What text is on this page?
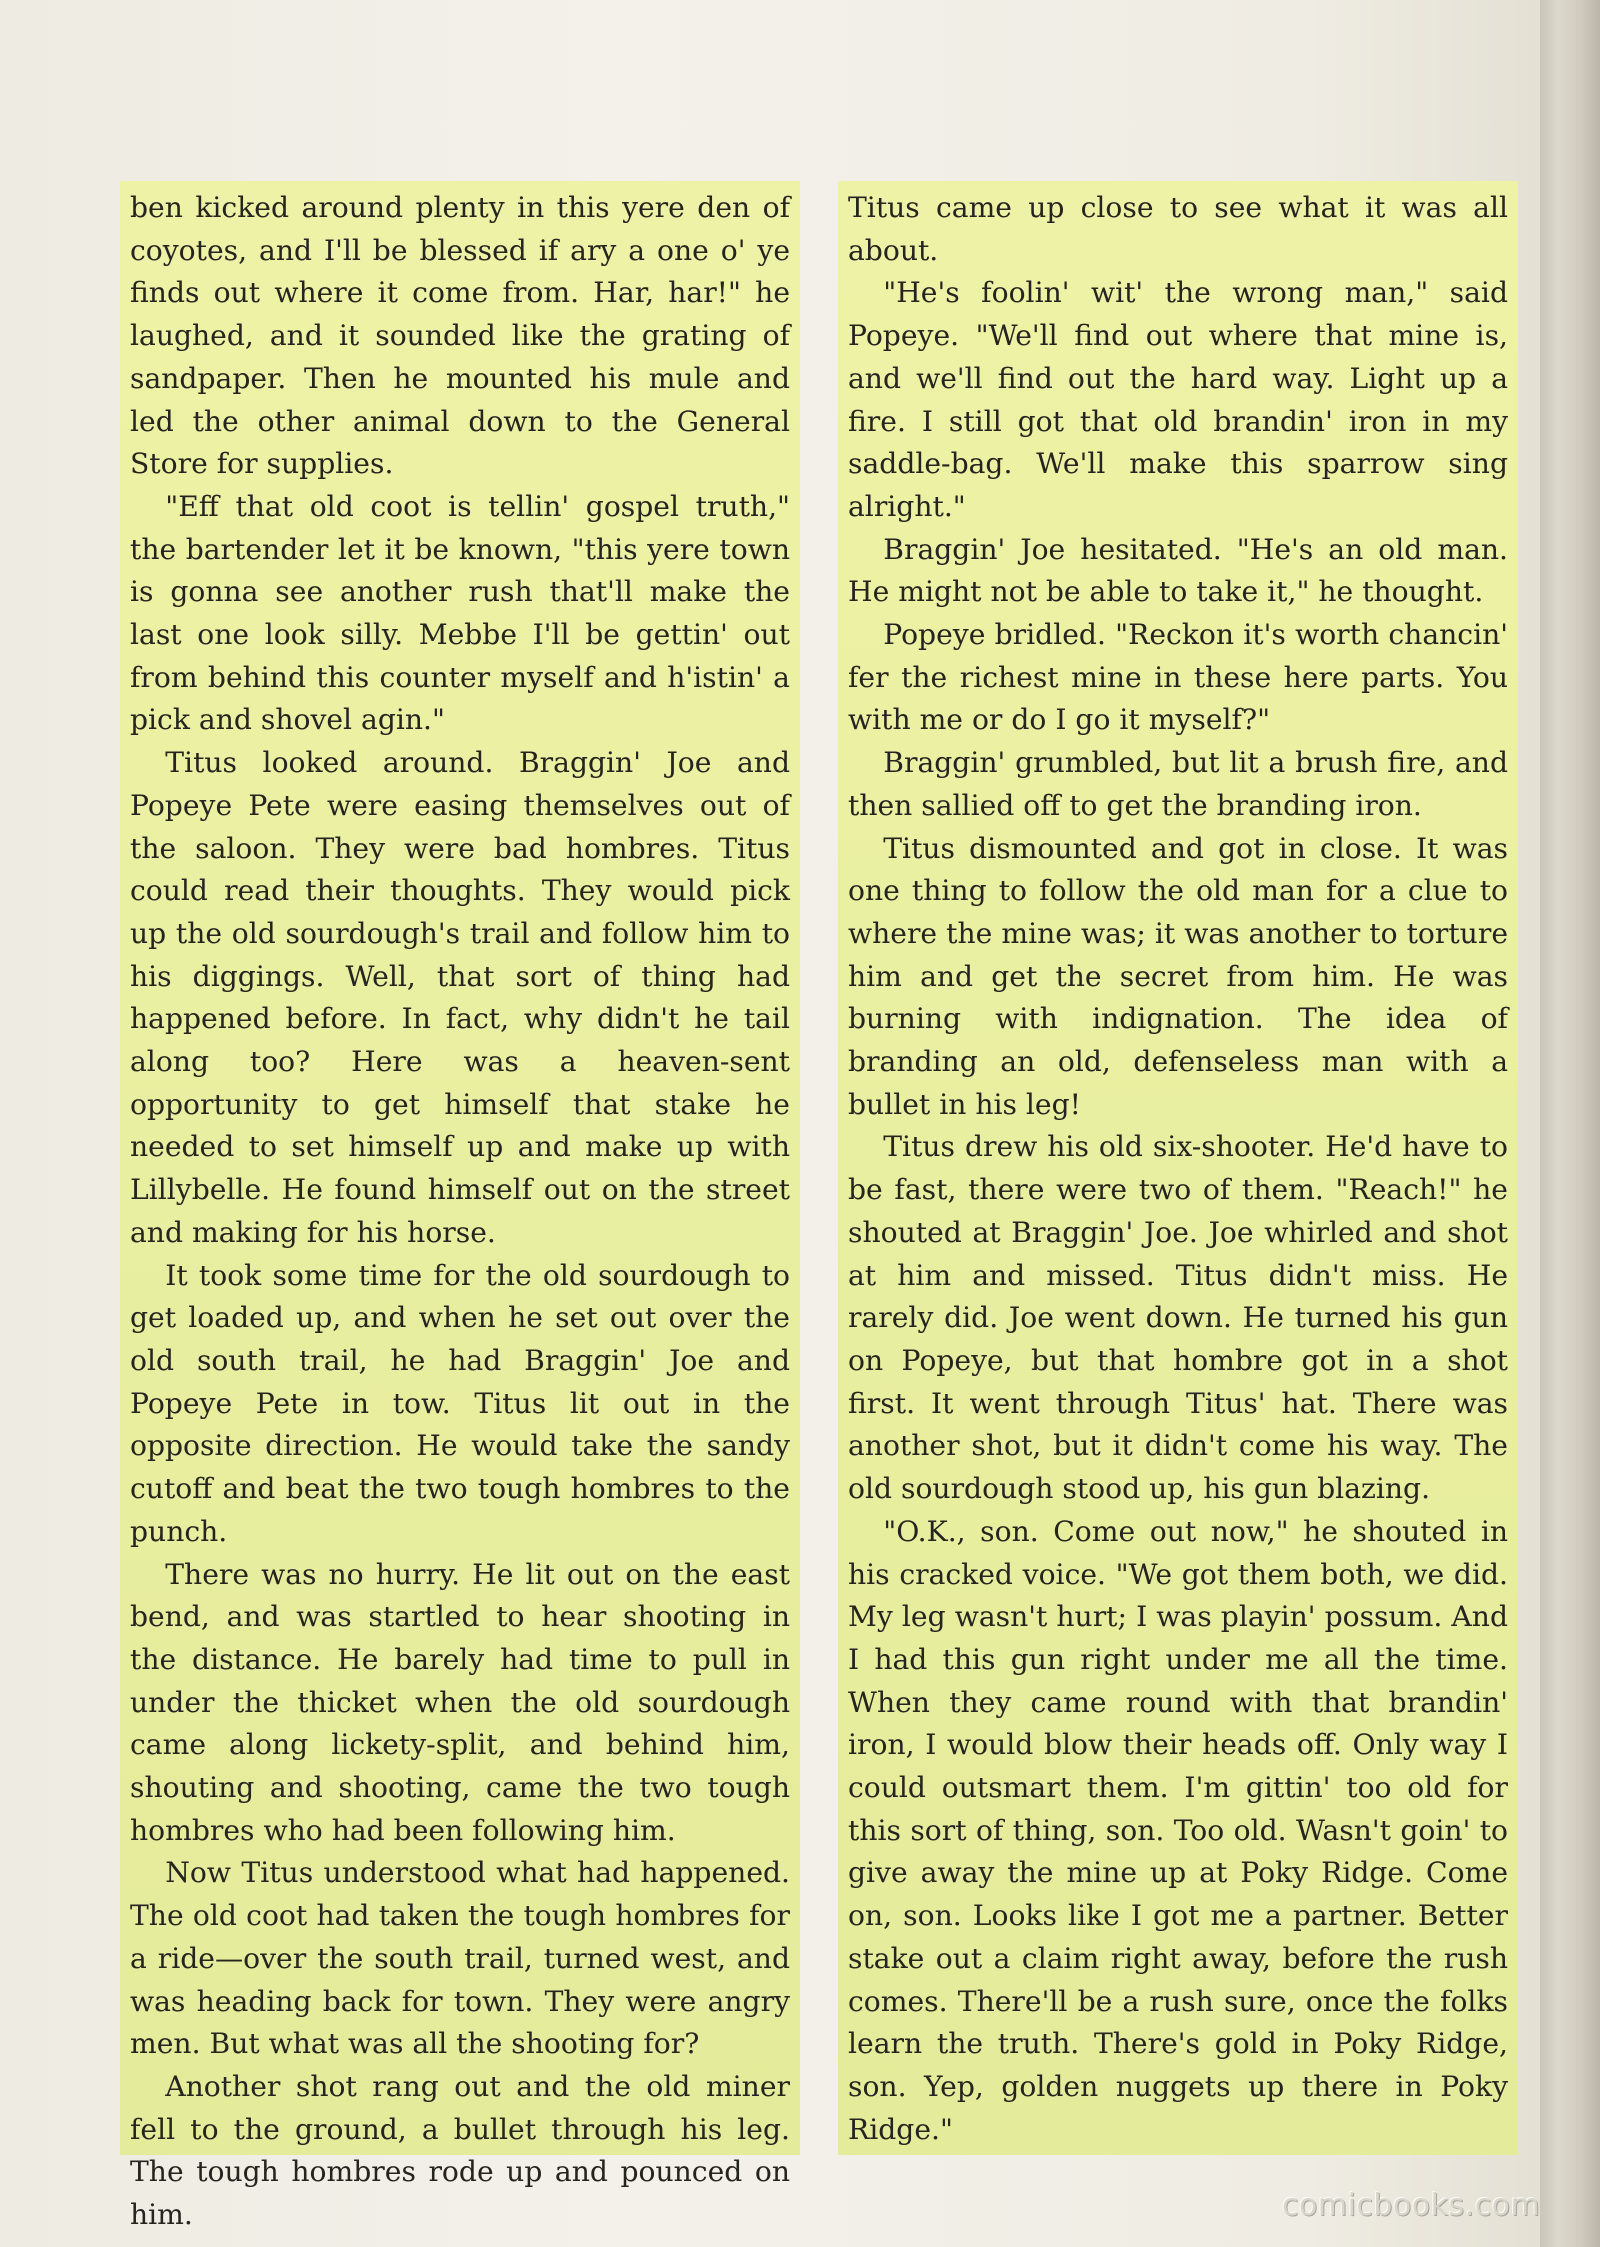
ben kicked around plenty in this yere den of coyotes, and I'll be blessed if ary a one o' ye finds out where it come from. Har, har!" he laughed, and it sounded like the grating of sandpaper. Then he mounted his mule and led the other animal down to the General Store for supplies.

"Eff that old coot is tellin' gospel truth," the bartender let it be known, "this yere town is gonna see another rush that'll make the last one look silly. Mebbe I'll be gettin' out from behind this counter myself and h'istin' a pick and shovel agin."

Titus looked around. Braggin' Joe and Popeye Pete were easing themselves out of the saloon. They were bad hombres. Titus could read their thoughts. They would pick up the old sourdough's trail and follow him to his diggings. Well, that sort of thing had happened before. In fact, why didn't he tail along too? Here was a heaven-sent opportunity to get himself that stake he needed to set himself up and make up with Lillybelle. He found himself out on the street and making for his horse.

It took some time for the old sourdough to get loaded up, and when he set out over the old south trail, he had Braggin' Joe and Popeye Pete in tow. Titus lit out in the opposite direction. He would take the sandy cutoff and beat the two tough hombres to the punch.

There was no hurry. He lit out on the east bend, and was startled to hear shooting in the distance. He barely had time to pull in under the thicket when the old sourdough came along lickety-split, and behind him, shouting and shooting, came the two tough hombres who had been following him.

Now Titus understood what had happened. The old coot had taken the tough hombres for a ride—over the south trail, turned west, and was heading back for town. They were angry men. But what was all the shooting for?

Another shot rang out and the old miner fell to the ground, a bullet through his leg. The tough hombres rode up and pounced on him.

Titus came up close to see what it was all about.

"He's foolin' wit' the wrong man," said Popeye. "We'll find out where that mine is, and we'll find out the hard way. Light up a fire. I still got that old brandin' iron in my saddle-bag. We'll make this sparrow sing alright."

Braggin' Joe hesitated. "He's an old man. He might not be able to take it," he thought.

Popeye bridled. "Reckon it's worth chancin' fer the richest mine in these here parts. You with me or do I go it myself?"

Braggin' grumbled, but lit a brush fire, and then sallied off to get the branding iron.

Titus dismounted and got in close. It was one thing to follow the old man for a clue to where the mine was; it was another to torture him and get the secret from him. He was burning with indignation. The idea of branding an old, defenseless man with a bullet in his leg!

Titus drew his old six-shooter. He'd have to be fast, there were two of them. "Reach!" he shouted at Braggin' Joe. Joe whirled and shot at him and missed. Titus didn't miss. He rarely did. Joe went down. He turned his gun on Popeye, but that hombre got in a shot first. It went through Titus' hat. There was another shot, but it didn't come his way. The old sourdough stood up, his gun blazing.

"O.K., son. Come out now," he shouted in his cracked voice. "We got them both, we did. My leg wasn't hurt; I was playin' possum. And I had this gun right under me all the time. When they came round with that brandin' iron, I would blow their heads off. Only way I could outsmart them. I'm gittin' too old for this sort of thing, son. Too old. Wasn't goin' to give away the mine up at Poky Ridge. Come on, son. Looks like I got me a partner. Better stake out a claim right away, before the rush comes. There'll be a rush sure, once the folks learn the truth. There's gold in Poky Ridge, son. Yep, golden nuggets up there in Poky Ridge."

comicbooks.com
